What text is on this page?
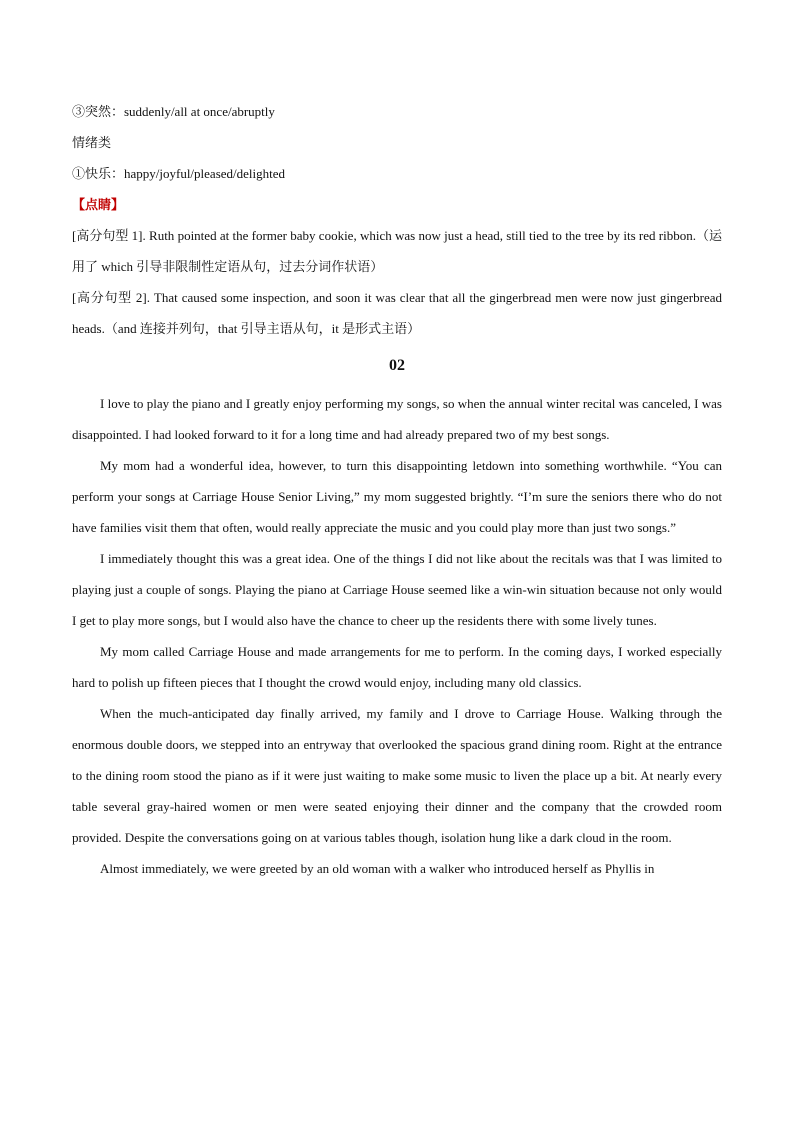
③突然：suddenly/all at once/abruptly
情绪类
①快乐：happy/joyful/pleased/delighted
【点睛】

[高分句型 1]. Ruth pointed at the former baby cookie, which was now just a head, still tied to the tree by its red ribbon.（运用了 which 引导非限制性定语从句，过去分词作状语）

[高分句型 2]. That caused some inspection, and soon it was clear that all the gingerbread men were now just gingerbread heads.（and 连接并列句，that 引导主语从句，it 是形式主语）

02

I love to play the piano and I greatly enjoy performing my songs, so when the annual winter recital was canceled, I was disappointed. I had looked forward to it for a long time and had already prepared two of my best songs.

My mom had a wonderful idea, however, to turn this disappointing letdown into something worthwhile. “You can perform your songs at Carriage House Senior Living,” my mom suggested brightly. “I’m sure the seniors there who do not have families visit them that often, would really appreciate the music and you could play more than just two songs.”

I immediately thought this was a great idea. One of the things I did not like about the recitals was that I was limited to playing just a couple of songs. Playing the piano at Carriage House seemed like a win-win situation because not only would I get to play more songs, but I would also have the chance to cheer up the residents there with some lively tunes.

My mom called Carriage House and made arrangements for me to perform. In the coming days, I worked especially hard to polish up fifteen pieces that I thought the crowd would enjoy, including many old classics.

When the much-anticipated day finally arrived, my family and I drove to Carriage House. Walking through the enormous double doors, we stepped into an entryway that overlooked the spacious grand dining room. Right at the entrance to the dining room stood the piano as if it were just waiting to make some music to liven the place up a bit. At nearly every table several gray-haired women or men were seated enjoying their dinner and the company that the crowded room provided. Despite the conversations going on at various tables though, isolation hung like a dark cloud in the room.

Almost immediately, we were greeted by an old woman with a walker who introduced herself as Phyllis in
